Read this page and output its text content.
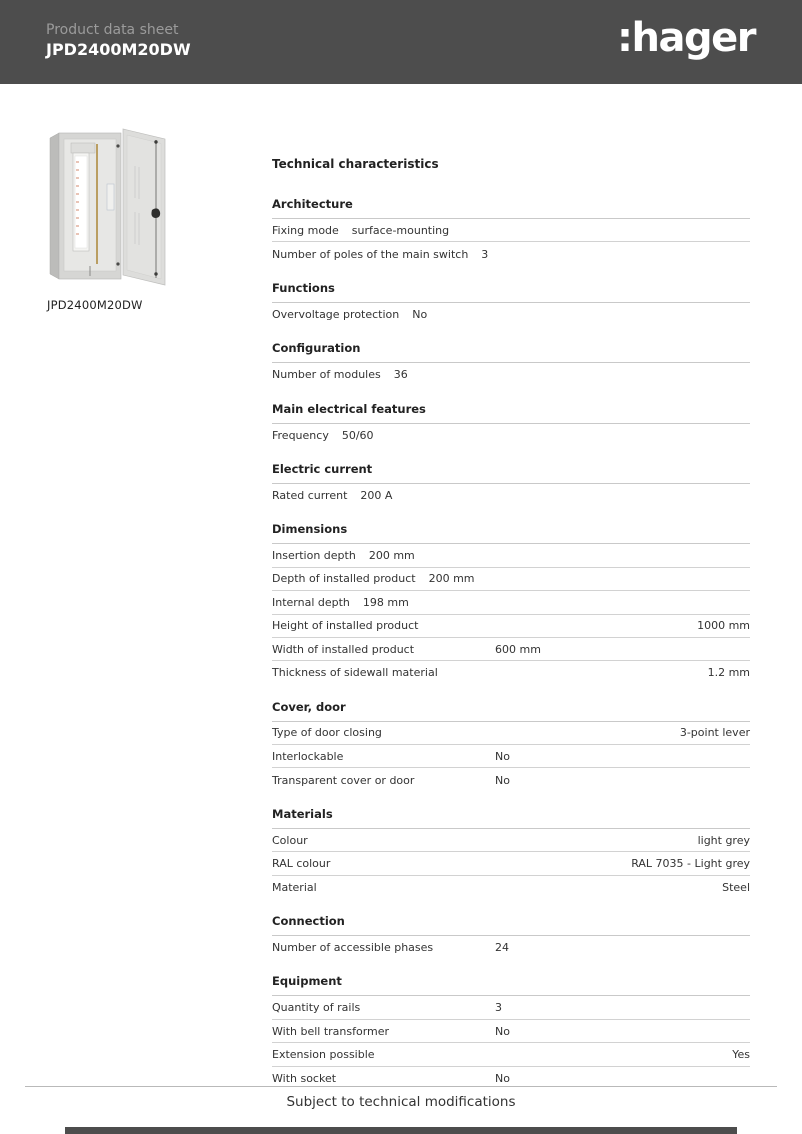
Product data sheet
JPD2400M20DW	:hager
JPD2400M20DW
Technical characteristics
Architecture
Fixing mode surface-mounting
Number of poles of the main switch 3
Functions
Overvoltage protection No
Configuration
Number of modules 36
Main electrical features
Frequency 50/60
Electric current
Rated current 200 A
Dimensions
Insertion depth 200 mm
Depth of installed product 200 mm
Internal depth 198 mm
Height of installed product	1000 mm
Width of installed product	600 mm
Thickness of sidewall material	1.2 mm
Cover, door
Type of door closing	3-point lever
Interlockable	No
Transparent cover or door	No
Materials
Colour	light grey
RAL colour	RAL 7035 - Light grey
Material	Steel
Connection
Number of accessible phases	24
Equipment
Quantity of rails	3
With bell transformer	No
Extension possible	Yes
With socket	No
Subject to technical modifications
